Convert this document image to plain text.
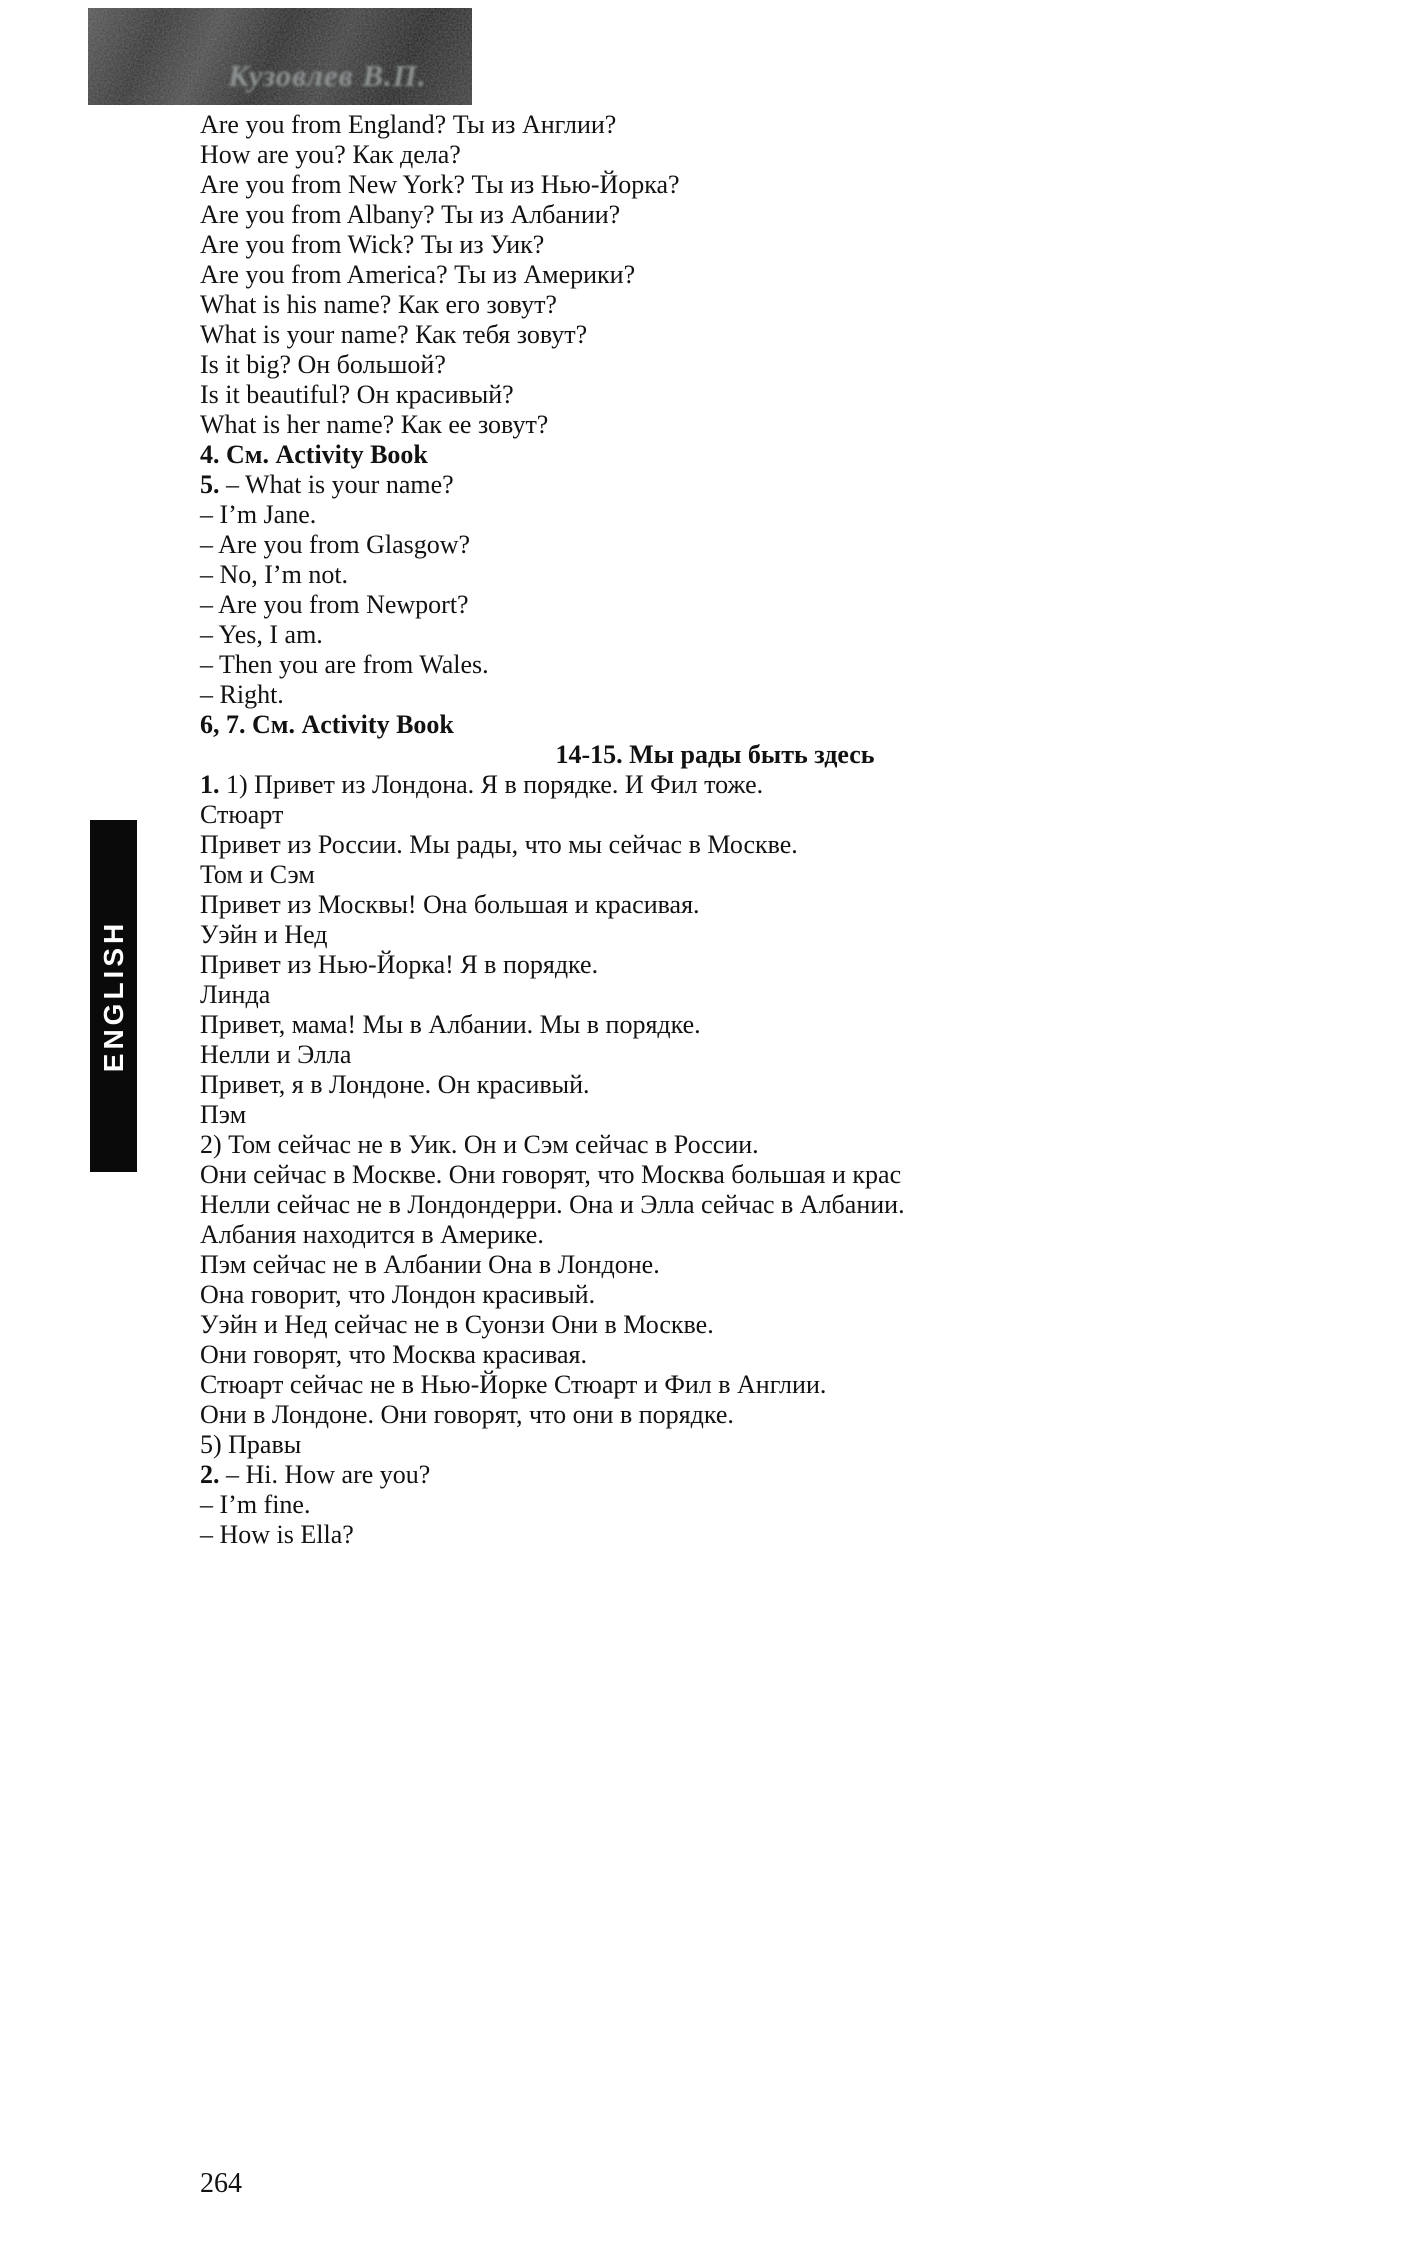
Кузовлев В.П.
Are you from England? Ты из Англии?
How are you? Как дела?
Are you from New York? Ты из Нью-Йорка?
Are you from Albany? Ты из Албании?
Are you from Wick? Ты из Уик?
Are you from America? Ты из Америки?
What is his name? Как его зовут?
What is your name? Как тебя зовут?
Is it big? Он большой?
Is it beautiful? Он красивый?
What is her name? Как ее зовут?
4. См. Activity Book
5. – What is your name?
– I’m Jane.
– Are you from Glasgow?
– No, I’m not.
– Are you from Newport?
– Yes, I am.
– Then you are from Wales.
– Right.
6, 7. См. Activity Book
14-15. Мы рады быть здесь
1. 1) Привет из Лондона. Я в порядке. И Фил тоже.
Стюарт
Привет из России. Мы рады, что мы сейчас в Москве.
Том и Сэм
Привет из Москвы! Она большая и красивая.
Уэйн и Нед
Привет из Нью-Йорка! Я в порядке.
Линда
Привет, мама! Мы в Албании. Мы в порядке.
Нелли и Элла
Привет, я в Лондоне. Он красивый.
Пэм
2) Том сейчас не в Уик. Он и Сэм сейчас в России.
Они сейчас в Москве. Они говорят, что Москва большая и крас
Нелли сейчас не в Лондондерри. Она и Элла сейчас в Албании.
Албания находится в Америке.
Пэм сейчас не в Албании Она в Лондоне.
Она говорит, что Лондон красивый.
Уэйн и Нед сейчас не в Суонзи Они в Москве.
Они говорят, что Москва красивая.
Стюарт сейчас не в Нью-Йорке Стюарт и Фил в Англии.
Они в Лондоне. Они говорят, что они в порядке.
5) Правы
2. – Hi. How are you?
– I’m fine.
– How is Ella?
ENGLISH
264
